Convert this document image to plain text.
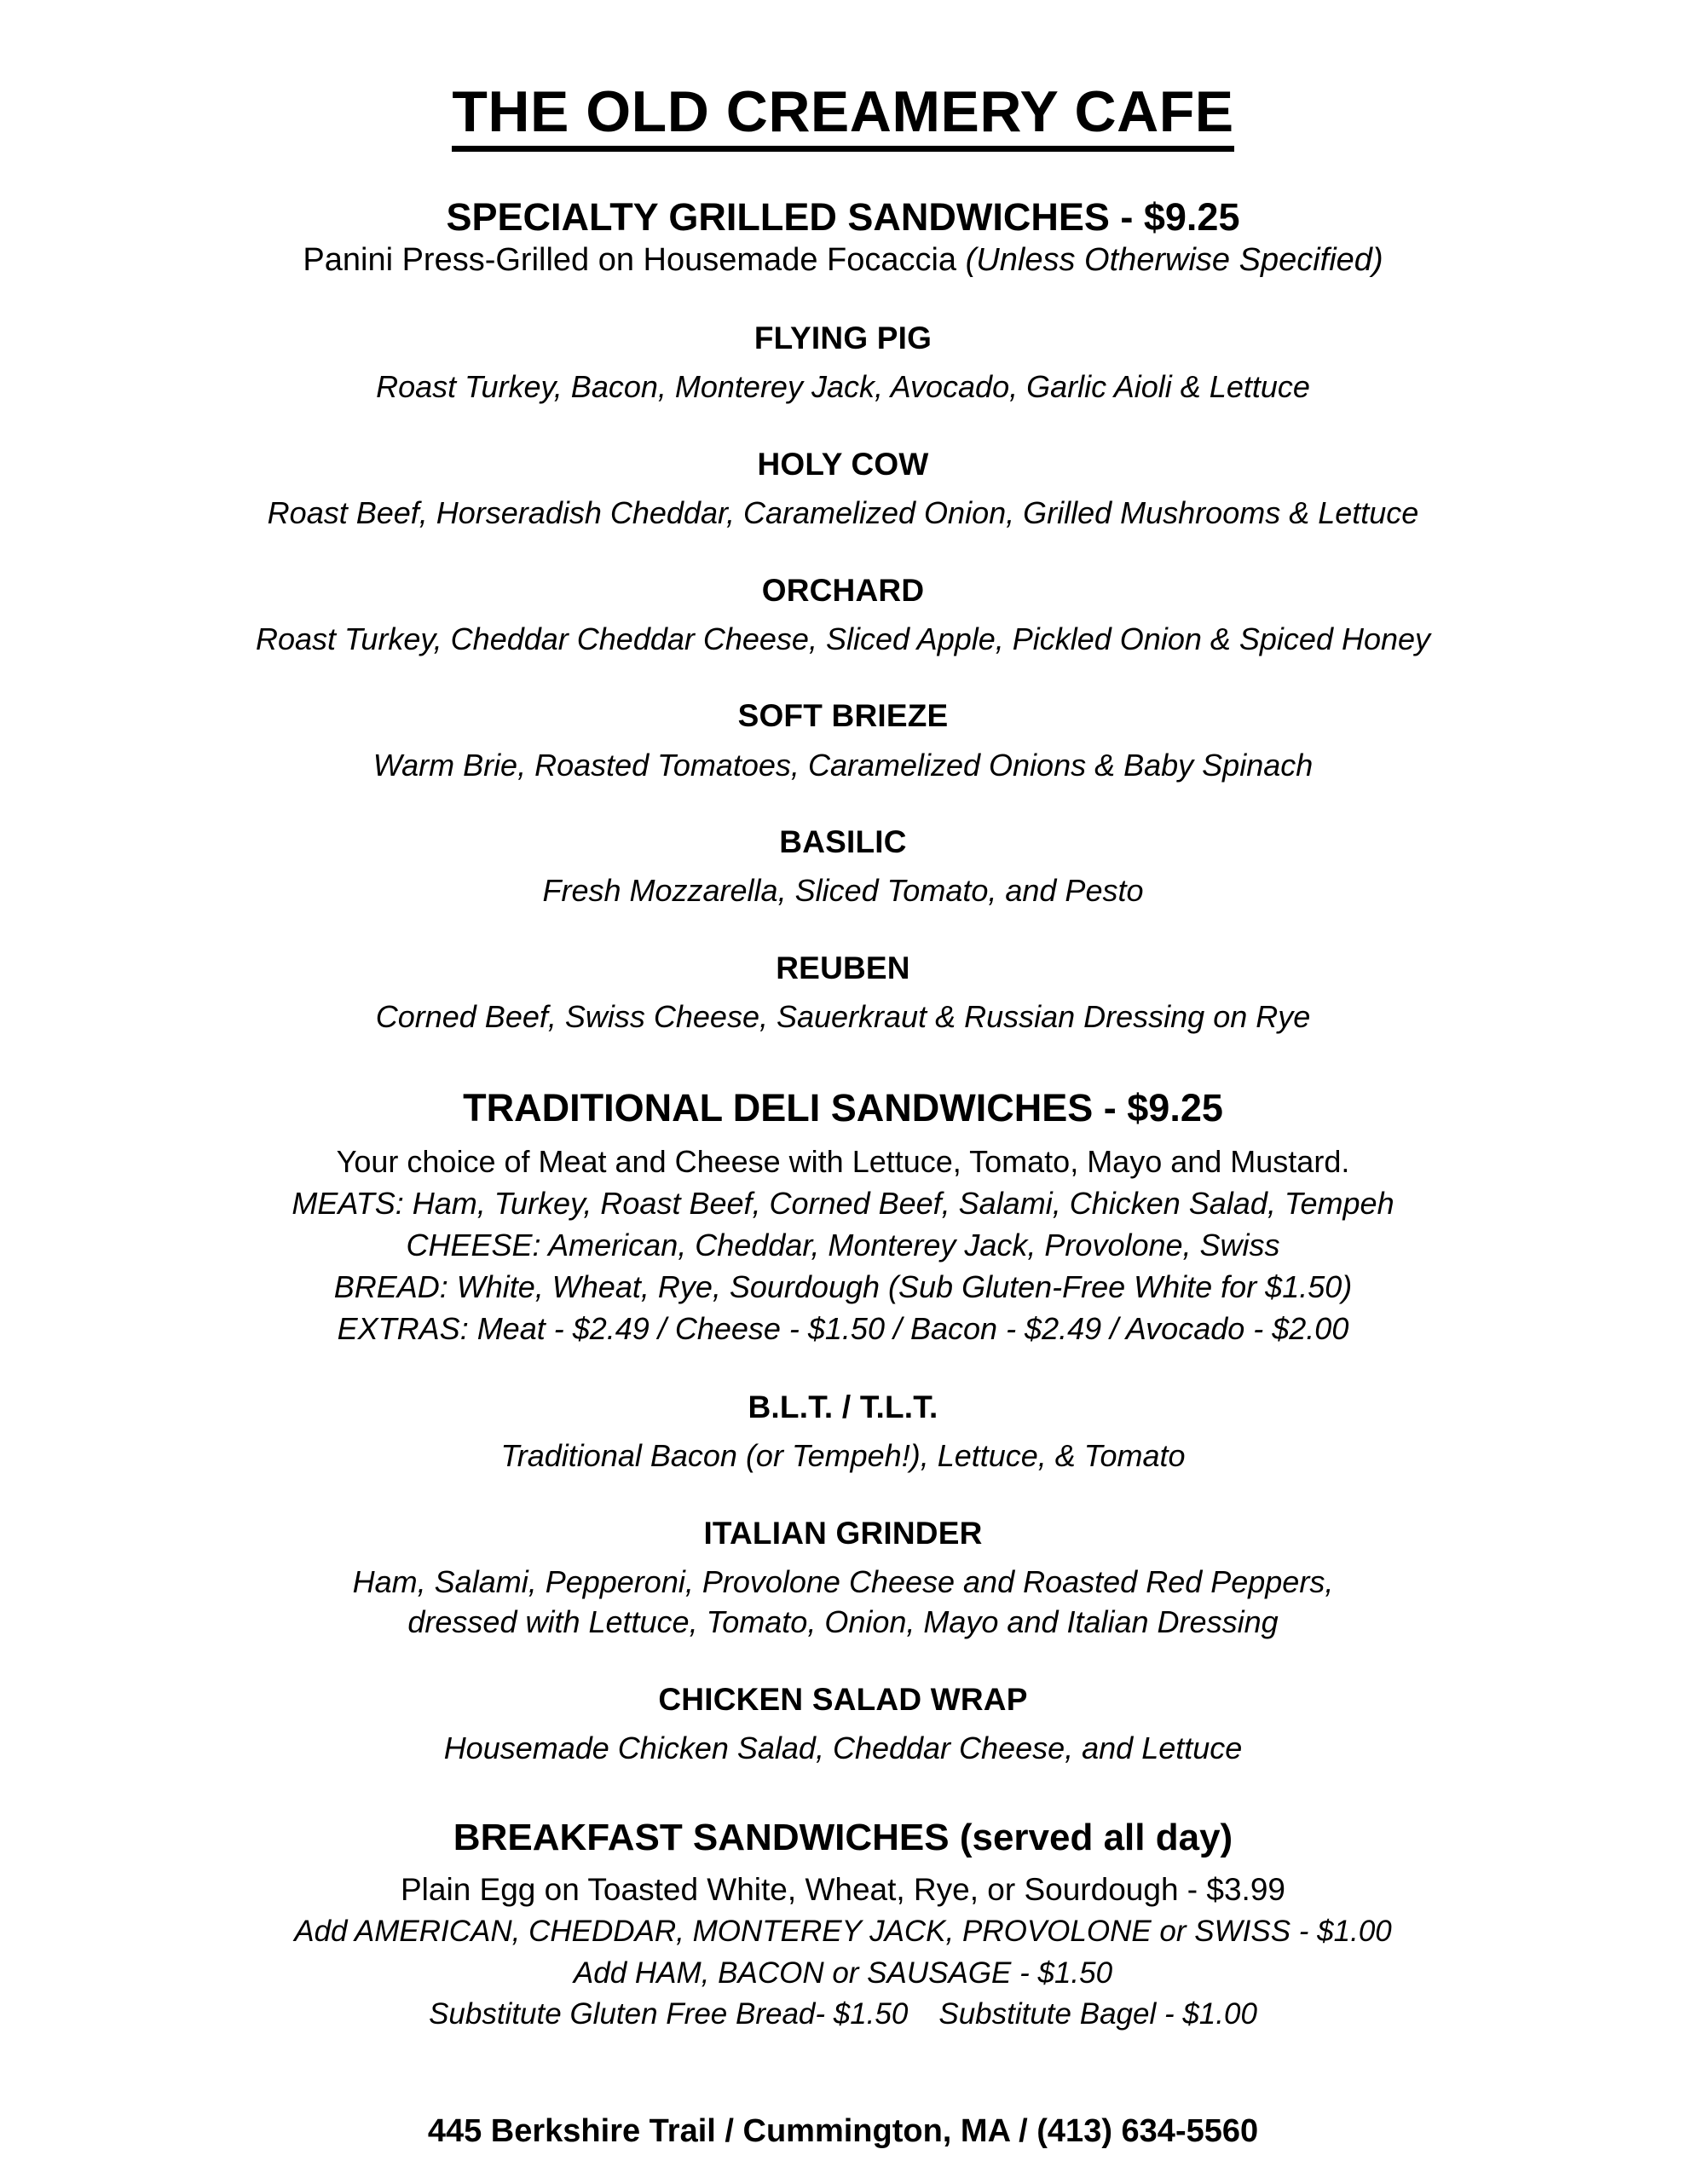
THE OLD CREAMERY CAFE
SPECIALTY GRILLED SANDWICHES - $9.25
Panini Press-Grilled on Housemade Focaccia (Unless Otherwise Specified)
FLYING PIG
Roast Turkey, Bacon, Monterey Jack, Avocado, Garlic Aioli & Lettuce
HOLY COW
Roast Beef, Horseradish Cheddar, Caramelized Onion, Grilled Mushrooms & Lettuce
ORCHARD
Roast Turkey, Cheddar Cheddar Cheese, Sliced Apple, Pickled Onion & Spiced Honey
SOFT BRIEZE
Warm Brie, Roasted Tomatoes, Caramelized Onions & Baby Spinach
BASILIC
Fresh Mozzarella, Sliced Tomato, and Pesto
REUBEN
Corned Beef, Swiss Cheese, Sauerkraut & Russian Dressing on Rye
TRADITIONAL DELI SANDWICHES - $9.25
Your choice of Meat and Cheese with Lettuce, Tomato, Mayo and Mustard.
MEATS: Ham, Turkey, Roast Beef, Corned Beef, Salami, Chicken Salad, Tempeh
CHEESE: American, Cheddar, Monterey Jack, Provolone, Swiss
BREAD: White, Wheat, Rye, Sourdough (Sub Gluten-Free White for $1.50)
EXTRAS: Meat - $2.49 / Cheese - $1.50 / Bacon - $2.49 / Avocado - $2.00
B.L.T. / T.L.T.
Traditional Bacon (or Tempeh!), Lettuce, & Tomato
ITALIAN GRINDER
Ham, Salami, Pepperoni, Provolone Cheese and Roasted Red Peppers,
dressed with Lettuce, Tomato, Onion, Mayo and Italian Dressing
CHICKEN SALAD WRAP
Housemade Chicken Salad, Cheddar Cheese, and Lettuce
BREAKFAST SANDWICHES (served all day)
Plain Egg on Toasted White, Wheat, Rye, or Sourdough - $3.99
Add AMERICAN, CHEDDAR, MONTEREY JACK, PROVOLONE or SWISS - $1.00
Add HAM, BACON or SAUSAGE - $1.50
Substitute Gluten Free Bread- $1.50 Substitute Bagel - $1.00
445 Berkshire Trail / Cummington, MA / (413) 634-5560
